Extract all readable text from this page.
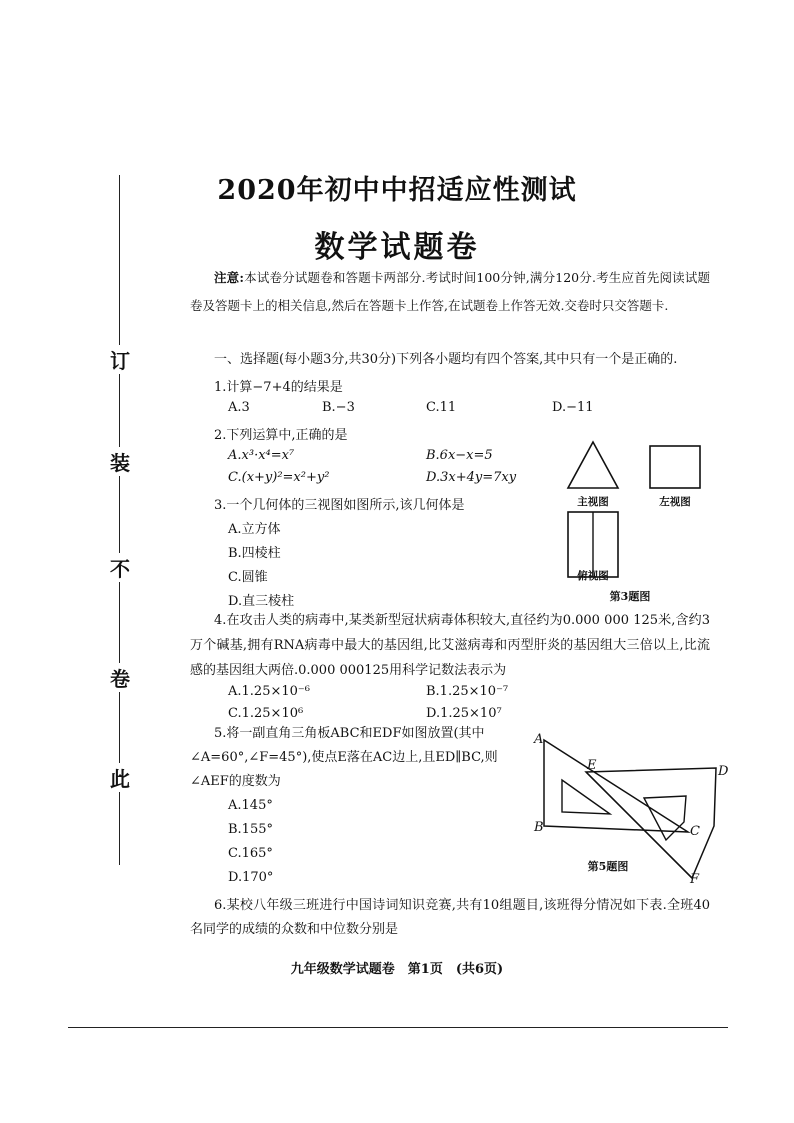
订
装
不
卷
此
2020年初中中招适应性测试
数学试题卷
注意:本试卷分试题卷和答题卡两部分.考试时间100分钟,满分120分.考生应首先阅读试题卷及答题卡上的相关信息,然后在答题卡上作答,在试题卷上作答无效.交卷时只交答题卡.
一、选择题(每小题3分,共30分)下列各小题均有四个答案,其中只有一个是正确的.
1.计算−7+4的结果是
A.3	B.−3	C.11	D.−11
2.下列运算中,正确的是
A.x³·x⁴=x⁷	B.6x−x=5
C.(x+y)²=x²+y²	D.3x+4y=7xy
3.一个几何体的三视图如图所示,该几何体是
A.立方体
B.四棱柱
C.圆锥
D.直三棱柱
主视图	左视图
俯视图
第3题图
4.在攻击人类的病毒中,某类新型冠状病毒体积较大,直径约为0.000 000 125米,含约3万个碱基,拥有RNA病毒中最大的基因组,比艾滋病毒和丙型肝炎的基因组大三倍以上,比流感的基因组大两倍.0.000 000125用科学记数法表示为
A.1.25×10⁻⁶	B.1.25×10⁻⁷
C.1.25×10⁶	D.1.25×10⁷
5.将一副直角三角板ABC和EDF如图放置(其中∠A=60°,∠F=45°),使点E落在AC边上,且ED∥BC,则∠AEF的度数为
A.145°
B.155°
C.165°
D.170°
A
B	C
D
E
F
第5题图
6.某校八年级三班进行中国诗词知识竞赛,共有10组题目,该班得分情况如下表.全班40名同学的成绩的众数和中位数分别是
九年级数学试题卷　第1页　(共6页)
